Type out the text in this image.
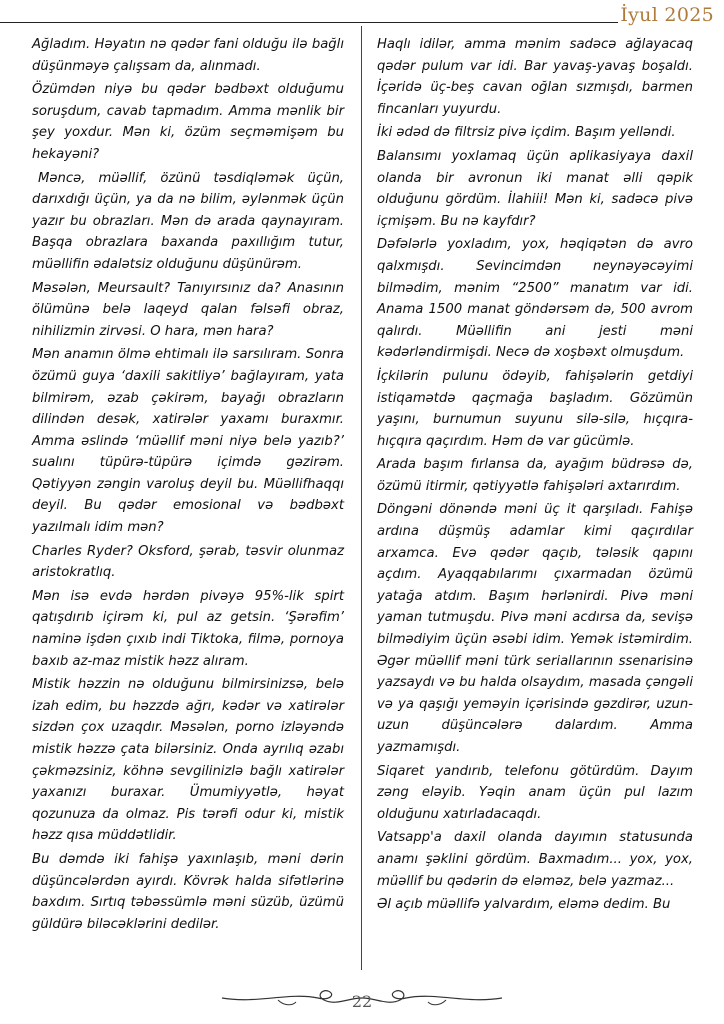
İyul 2025

Ağladım. Həyatın nə qədər fani olduğu ilə bağlı düşünməyə çalışsam da, alınmadı.

Özümdən niyə bu qədər bədbəxt olduğumu soruşdum, cavab tapmadım. Amma mənlik bir şey yoxdur. Mən ki, özüm seçməmişəm bu hekayəni?

Məncə, müəllif, özünü təsdiqləmək üçün, darıxdığı üçün, ya da nə bilim, əylənmək üçün yazır bu obrazları. Mən də arada qaynayıram. Başqa obrazlara baxanda paxıllığım tutur, müəllifin ədalətsiz olduğunu düşünürəm.

Məsələn, Meursault? Tanıyırsınız da? Anasının ölümünə belə laqeyd qalan fəlsəfi obraz, nihilizmin zirvəsi. O hara, mən hara?

Mən anamın ölmə ehtimalı ilə sarsılıram. Sonra özümü guya ‘daxili sakitliyə’ bağlayıram, yata bilmirəm, əzab çəkirəm, bayağı obrazların dilindən desək, xatirələr yaxamı buraxmır. Amma əslində ‘müəllif məni niyə belə yazıb?’ sualını tüpürə-tüpürə içimdə gəzirəm. Qətiyyən zəngin varoluş deyil bu. Müəllifhaqqı deyil. Bu qədər emosional və bədbəxt yazılmalı idim mən?

Charles Ryder? Oksford, şərab, təsvir olunmaz aristokratlıq.

Mən isə evdə hərdən pivəyə 95%-lik spirt qatışdırıb içirəm ki, pul az getsin. ‘Şərəfim’ naminə işdən çıxıb indi Tiktoka, filmə, pornoya baxıb az-maz mistik həzz alıram.

Mistik həzzin nə olduğunu bilmirsinizsə, belə izah edim, bu həzzdə ağrı, kədər və xatirələr sizdən çox uzaqdır. Məsələn, porno izləyəndə mistik həzzə çata bilərsiniz. Onda ayrılıq əzabı çəkməzsiniz, köhnə sevgilinizlə bağlı xatirələr yaxanızı buraxar. Ümumiyyətlə, həyat qozunuza da olmaz. Pis tərəfi odur ki, mistik həzz qısa müddətlidir.

Bu dəmdə iki fahişə yaxınlaşıb, məni dərin düşüncələrdən ayırdı. Kövrək halda sifətlərinə baxdım. Sırtıq təbəssümlə məni süzüb, üzümü güldürə biləcəklərini dedilər.

Haqlı idilər, amma mənim sadəcə ağlayacaq qədər pulum var idi. Bar yavaş-yavaş boşaldı. İçəridə üç-beş cavan oğlan sızmışdı, barmen fincanları yuyurdu.

İki ədəd də filtrsiz pivə içdim. Başım yelləndi.

Balansımı yoxlamaq üçün aplikasiyaya daxil olanda bir avronun iki manat əlli qəpik olduğunu gördüm. İlahiii! Mən ki, sadəcə pivə içmişəm. Bu nə kayfdır?

Dəfələrlə yoxladım, yox, həqiqətən də avro qalxmışdı. Sevincimdən neynəyəcəyimi bilmədim, mənim “2500” manatım var idi. Anama 1500 manat göndərsəm də, 500 avrom qalırdı. Müəllifin ani jesti məni kədərləndirmişdi. Necə də xoşbəxt olmuşdum.

İçkilərin pulunu ödəyib, fahişələrin getdiyi istiqamətdə qaçmağa başladım. Gözümün yaşını, burnumun suyunu silə-silə, hıçqıra-hıçqıra qaçırdım. Həm də var gücümlə.

Arada başım fırlansa da, ayağım büdrəsə də, özümü itirmir, qətiyyətlə fahişələri axtarırdım.

Döngəni dönəndə məni üç it qarşıladı. Fahişə ardına düşmüş adamlar kimi qaçırdılar arxamca. Evə qədər qaçıb, tələsik qapını açdım. Ayaqqabılarımı çıxarmadan özümü yatağa atdım. Başım hərlənirdi. Pivə məni yaman tutmuşdu. Pivə məni acdırsa da, sevişə bilmədiyim üçün əsəbi idim. Yemək istəmirdim. Əgər müəllif məni türk seriallarının ssenarisinə yazsaydı və bu halda olsaydım, masada çəngəli və ya qaşığı yeməyin içərisində gəzdirər, uzun-uzun düşüncələrə dalardım. Amma yazmamışdı.

Siqaret yandırıb, telefonu götürdüm. Dayım zəng eləyib. Yəqin anam üçün pul lazım olduğunu xatırladacaqdı.

Vatsapp'a daxil olanda dayımın statusunda anamı şəklini gördüm. Baxmadım... yox, yox, müəllif bu qədərin də eləməz, belə yazmaz...

Əl açıb müəllifə yalvardım, eləmə dedim. Bu

22
